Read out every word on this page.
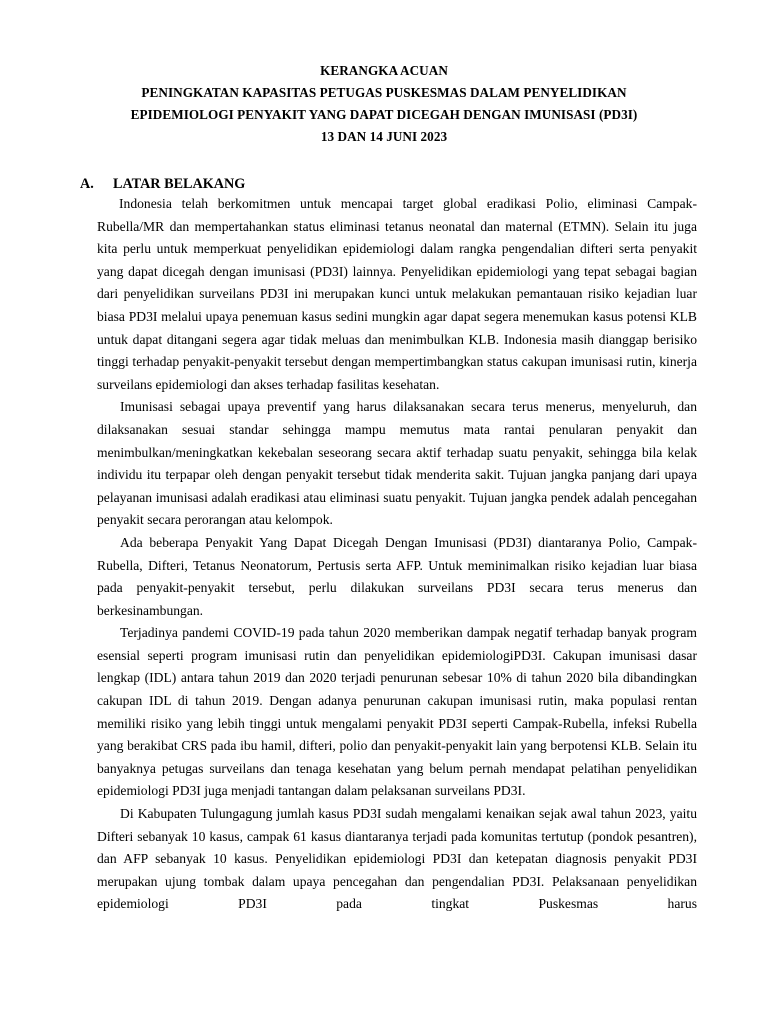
KERANGKA ACUAN
PENINGKATAN KAPASITAS PETUGAS PUSKESMAS DALAM PENYELIDIKAN
EPIDEMIOLOGI PENYAKIT YANG DAPAT DICEGAH DENGAN IMUNISASI (PD3I)
13 DAN 14 JUNI 2023
A. LATAR BELAKANG

Indonesia telah berkomitmen untuk mencapai target global eradikasi Polio, eliminasi Campak-Rubella/MR dan mempertahankan status eliminasi tetanus neonatal dan maternal (ETMN). Selain itu juga kita perlu untuk memperkuat penyelidikan epidemiologi dalam rangka pengendalian difteri serta penyakit yang dapat dicegah dengan imunisasi (PD3I) lainnya. Penyelidikan epidemiologi yang tepat sebagai bagian dari penyelidikan surveilans PD3I ini merupakan kunci untuk melakukan pemantauan risiko kejadian luar biasa PD3I melalui upaya penemuan kasus sedini mungkin agar dapat segera menemukan kasus potensi KLB untuk dapat ditangani segera agar tidak meluas dan menimbulkan KLB. Indonesia masih dianggap berisiko tinggi terhadap penyakit-penyakit tersebut dengan mempertimbangkan status cakupan imunisasi rutin, kinerja surveilans epidemiologi dan akses terhadap fasilitas kesehatan.

Imunisasi sebagai upaya preventif yang harus dilaksanakan secara terus menerus, menyeluruh, dan dilaksanakan sesuai standar sehingga mampu memutus mata rantai penularan penyakit dan menimbulkan/meningkatkan kekebalan seseorang secara aktif terhadap suatu penyakit, sehingga bila kelak individu itu terpapar oleh dengan penyakit tersebut tidak menderita sakit. Tujuan jangka panjang dari upaya pelayanan imunisasi adalah eradikasi atau eliminasi suatu penyakit. Tujuan jangka pendek adalah pencegahan penyakit secara perorangan atau kelompok.

Ada beberapa Penyakit Yang Dapat Dicegah Dengan Imunisasi (PD3I) diantaranya Polio, Campak-Rubella, Difteri, Tetanus Neonatorum, Pertusis serta AFP. Untuk meminimalkan risiko kejadian luar biasa pada penyakit-penyakit tersebut, perlu dilakukan surveilans PD3I secara terus menerus dan berkesinambungan.

Terjadinya pandemi COVID-19 pada tahun 2020 memberikan dampak negatif terhadap banyak program esensial seperti program imunisasi rutin dan penyelidikan epidemiologiPD3I. Cakupan imunisasi dasar lengkap (IDL) antara tahun 2019 dan 2020 terjadi penurunan sebesar 10% di tahun 2020 bila dibandingkan cakupan IDL di tahun 2019. Dengan adanya penurunan cakupan imunisasi rutin, maka populasi rentan memiliki risiko yang lebih tinggi untuk mengalami penyakit PD3I seperti Campak-Rubella, infeksi Rubella yang berakibat CRS pada ibu hamil, difteri, polio dan penyakit-penyakit lain yang berpotensi KLB. Selain itu banyaknya petugas surveilans dan tenaga kesehatan yang belum pernah mendapat pelatihan penyelidikan epidemiologi PD3I juga menjadi tantangan dalam pelaksanan surveilans PD3I.

Di Kabupaten Tulungagung jumlah kasus PD3I sudah mengalami kenaikan sejak awal tahun 2023, yaitu Difteri sebanyak 10 kasus, campak 61 kasus diantaranya terjadi pada komunitas tertutup (pondok pesantren), dan AFP sebanyak 10 kasus. Penyelidikan epidemiologi PD3I dan ketepatan diagnosis penyakit PD3I merupakan ujung tombak dalam upaya pencegahan dan pengendalian PD3I. Pelaksanaan penyelidikan epidemiologi PD3I pada tingkat Puskesmas harus
